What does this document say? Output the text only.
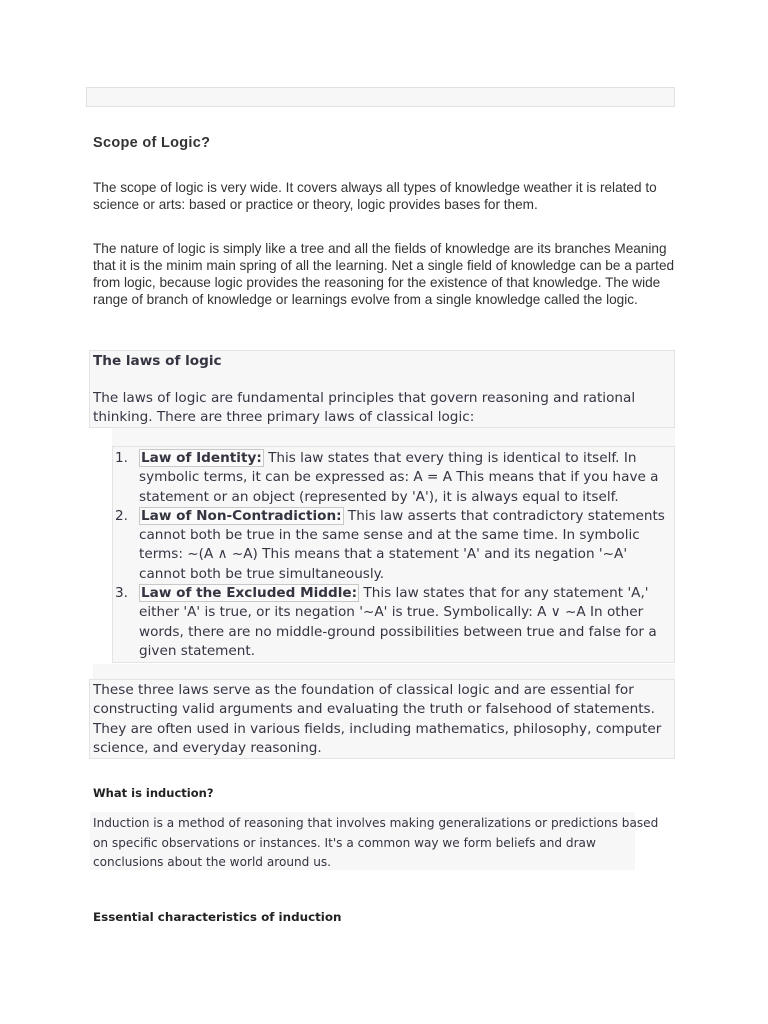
Scope of Logic?

The scope of logic is very wide. It covers always all types of knowledge weather it is related to science or arts: based or practice or theory, logic provides bases for them.

The nature of logic is simply like a tree and all the fields of knowledge are its branches Meaning that it is the minim main spring of all the learning. Net a single field of knowledge can be a parted from logic, because logic provides the reasoning for the existence of that knowledge. The wide range of branch of knowledge or learnings evolve from a single knowledge called the logic.

The laws of logic

The laws of logic are fundamental principles that govern reasoning and rational thinking. There are three primary laws of classical logic:

1. Law of Identity: This law states that every thing is identical to itself. In symbolic terms, it can be expressed as: A = A This means that if you have a statement or an object (represented by 'A'), it is always equal to itself.
2. Law of Non-Contradiction: This law asserts that contradictory statements cannot both be true in the same sense and at the same time. In symbolic terms: ~(A ∧ ~A) This means that a statement 'A' and its negation '~A' cannot both be true simultaneously.
3. Law of the Excluded Middle: This law states that for any statement 'A,' either 'A' is true, or its negation '~A' is true. Symbolically: A ∨ ~A In other words, there are no middle-ground possibilities between true and false for a given statement.

These three laws serve as the foundation of classical logic and are essential for constructing valid arguments and evaluating the truth or falsehood of statements. They are often used in various fields, including mathematics, philosophy, computer science, and everyday reasoning.

What is induction?

Induction is a method of reasoning that involves making generalizations or predictions based on specific observations or instances. It's a common way we form beliefs and draw conclusions about the world around us.

Essential characteristics of induction
